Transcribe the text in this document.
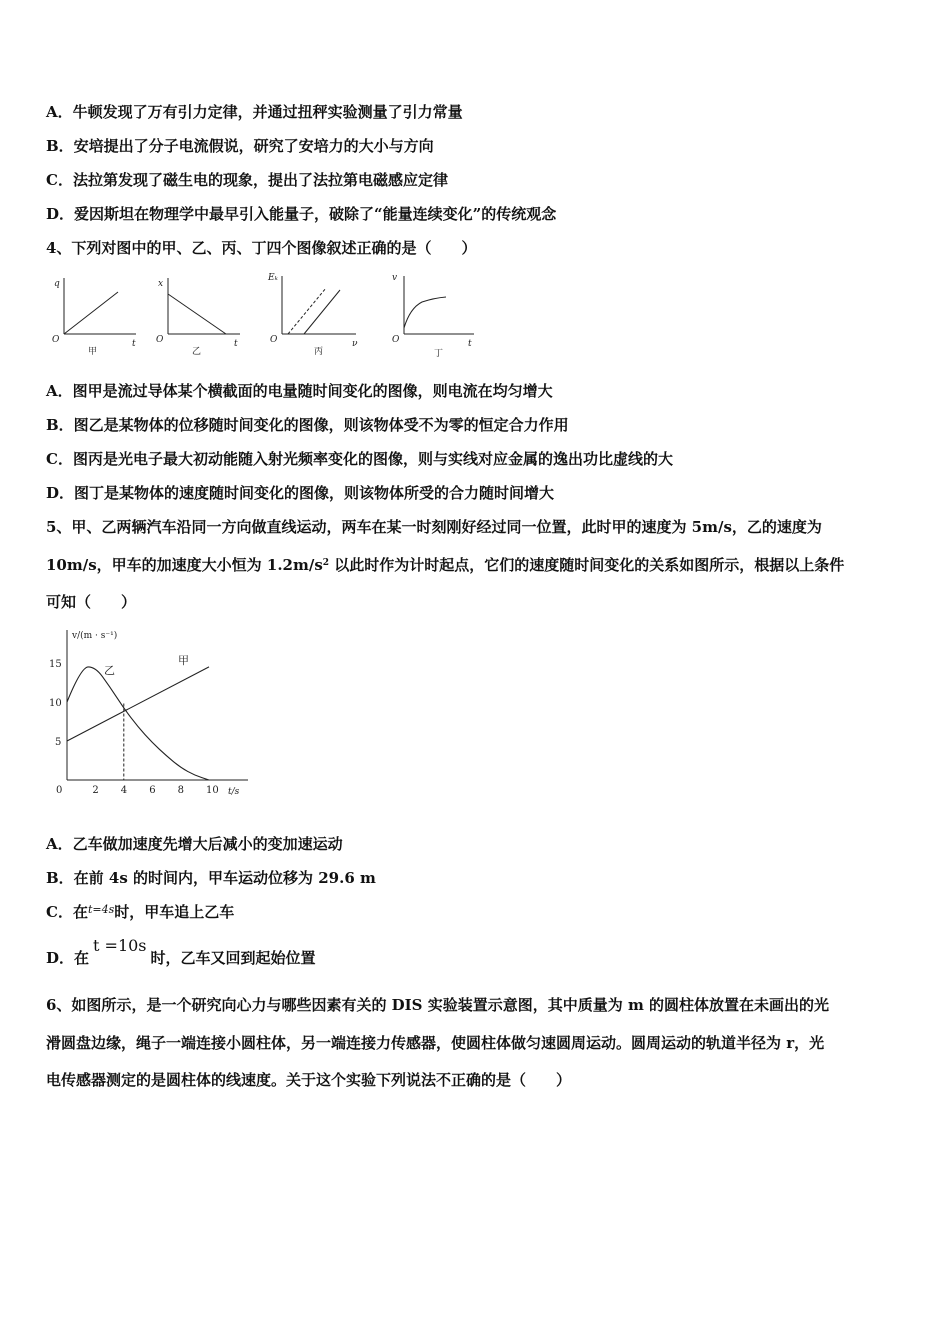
A．牛顿发现了万有引力定律，并通过扭秤实验测量了引力常量
B．安培提出了分子电流假说，研究了安培力的大小与方向
C．法拉第发现了磁生电的现象，提出了法拉第电磁感应定律
D．爱因斯坦在物理学中最早引入能量子，破除了“能量连续变化”的传统观念
4、下列对图中的甲、乙、丙、丁四个图像叙述正确的是（　　）
q
t
O
甲
x
t
O
乙
Eₖ
ν
O
丙
v
t
O
丁
A．图甲是流过导体某个横截面的电量随时间变化的图像，则电流在均匀增大
B．图乙是某物体的位移随时间变化的图像，则该物体受不为零的恒定合力作用
C．图丙是光电子最大初动能随入射光频率变化的图像，则与实线对应金属的逸出功比虚线的大
D．图丁是某物体的速度随时间变化的图像，则该物体所受的合力随时间增大
5、甲、乙两辆汽车沿同一方向做直线运动，两车在某一时刻刚好经过同一位置，此时甲的速度为 5m/s，乙的速度为
10m/s，甲车的加速度大小恒为 $1.2m/s^2$ 以此时作为计时起点，它们的速度随时间变化的关系如图所示，根据以上条件
可知（　　）
v/(m · s⁻¹)
t/s
甲
乙
0	2 4 6 8 10
5
10
15
A．乙车做加速度先增大后减小的变加速运动
B．在前 4s 的时间内，甲车运动位移为 29.6 m
C．在$^{t=4s}$时，甲车追上乙车
D．在t =10s时，乙车又回到起始位置
6、如图所示，是一个研究向心力与哪些因素有关的 DIS 实验装置示意图，其中质量为 m 的圆柱体放置在未画出的光
滑圆盘边缘，绳子一端连接小圆柱体，另一端连接力传感器，使圆柱体做匀速圆周运动。圆周运动的轨道半径为 r，光
电传感器测定的是圆柱体的线速度。关于这个实验下列说法不正确的是（　　）
